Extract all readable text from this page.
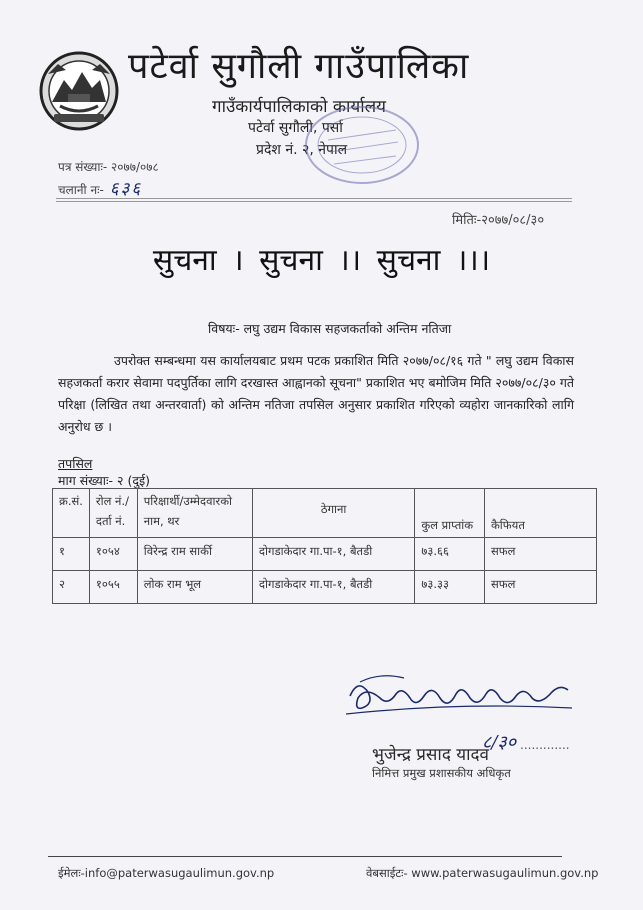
पटेर्वा सुगौली गाउँपालिका
गाउँकार्यपालिकाको कार्यालय
पटेर्वा सुगौली, पर्सा
प्रदेश नं. २, नेपाल
पत्र संख्याः- २०७७/०७८
चलानी नः- ६३६
मितिः-२०७७/०८/३०
सुचना । सुचना ।। सुचना ।।।
विषयः- लघु उद्यम विकास सहजकर्ताको अन्तिम नतिजा
उपरोक्त सम्बन्धमा यस कार्यालयबाट प्रथम पटक प्रकाशित मिति २०७७/०८/१६ गते " लघु उद्यम विकास सहजकर्ता करार सेवामा पदपुर्तिका लागि दरखास्त आह्वानको सूचना" प्रकाशित भए बमोजिम मिति २०७७/०८/३० गते परिक्षा (लिखित तथा अन्तरवार्ता) को अन्तिम नतिजा तपसिल अनुसार प्रकाशित गरिएको व्यहोरा जानकारिको लागि अनुरोध छ ।
तपसिल
माग संख्याः- २ (दुई)
क्र.सं.	रोल नं./दर्ता नं.	परिक्षार्थी/उम्मेदवारको नाम, थर	ठेगाना	कुल प्राप्तांक	कैफियत
१	१०५४	विरेन्द्र राम सार्की	दोगडाकेदार गा.पा-१, बैतडी	७३.६६	सफल
२	१०५५	लोक राम भूल	दोगडाकेदार गा.पा-१, बैतडी	७३.३३	सफल
८/३० .............
भुजेन्द्र प्रसाद यादव
निमित्त प्रमुख प्रशासकीय अधिकृत
ईमेलः-info@paterwasugaulimun.gov.np	वेबसाईटः- www.paterwasugaulimun.gov.np
